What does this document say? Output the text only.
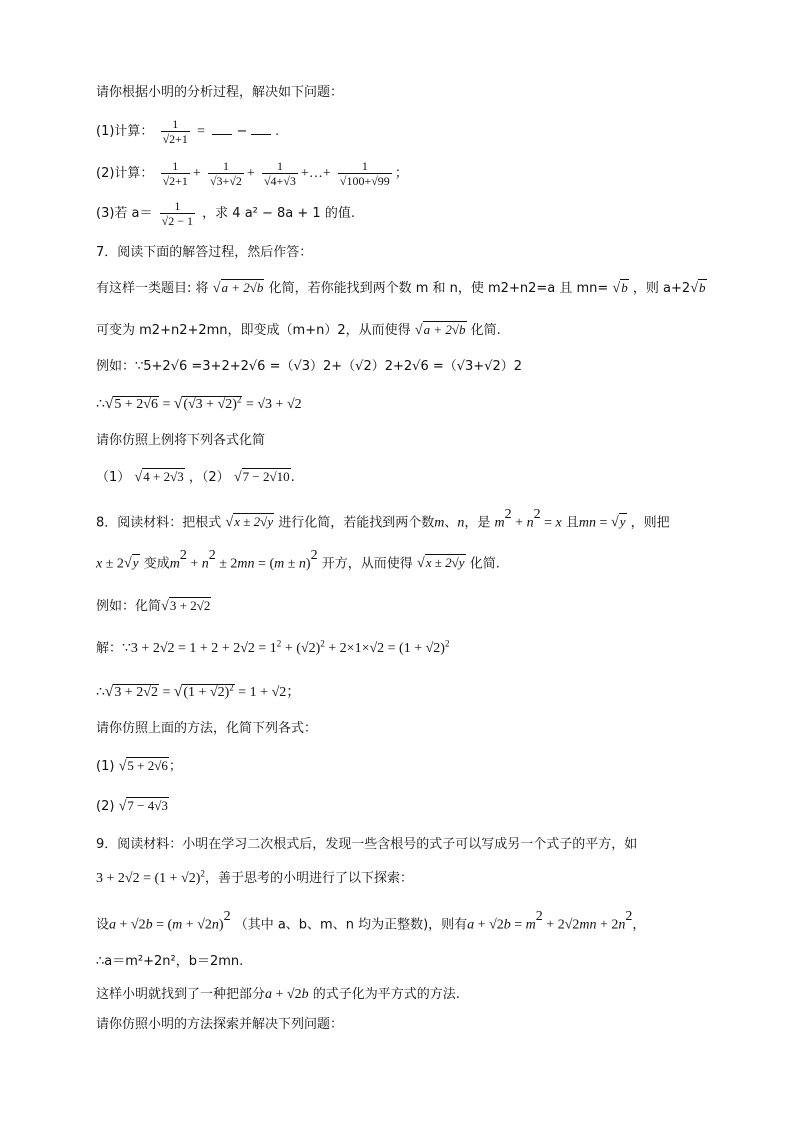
请你根据小明的分析过程，解决如下问题：
(1)计算： $\frac{1}{√2+1}$ = − .
(2)计算： $\frac{1}{√2+1} + \frac{1}{√3+√2} + \frac{1}{√4+√3}$ +…+ $\frac{1}{√100+√99}$ ；
(3)若 $a= \frac{1}{√2 - 1}$ ，求 4 a² − 8a + 1 的值.
7．阅读下面的解答过程，然后作答：
有这样一类题目: 将 √a + 2√b 化简，若你能找到两个数 m 和 n，使 m2+n2=a 且 mn= √b ，则 a+2√b
可变为 m2+n2+2mn，即变成（m+n）2，从而使得 √a + 2√b 化简.
例如：∵5+2√6 =3+2+2√6 =（√3）2+（√2）2+2√6 =（√3+√2）2
∴√5 + $2√6 = √(√3 + √2)^2 = √3 + √2$
请你仿照上例将下列各式化简
（1） √4 + 2√3 ，（2） √7 − 2√10.
8．阅读材料：把根式 √x ± 2√y 进行化简，若能找到两个数m、n，是 $m^2 + n^2 = x$ 且mn = √y ，则把
x ± 2√y 变成$m^2 + n^2 \pm 2mn = (m \pm n)^2$ 开方，从而使得 √x ± 2√y 化简.
例如：化简√3 + 2√2
解：∵3 + $2√2 = 1 + 2 + 2√2 = 1^2 + (√2)^2 + 2\times 1\times√2 = (1 + √2)^2$
∴√3 + $2√2 = √(1 + √2)^2 = 1 + √2$；
请你仿照上面的方法，化简下列各式：
(1) √5 + 2√6；
(2) √7 − 4√3
9．阅读材料：小明在学习二次根式后，发现一些含根号的式子可以写成另一个式子的平方，如
$3 + 2√2 = (1 + √2)^2$，善于思考的小明进行了以下探索：
设$a + √2b = (m + √2n)^2$ （其中 a、b、m、n 均为正整数)，则有$a + √2b = m^2 + 2√2mn + 2n^2$，
∴a＝m²+2n²，b＝2mn.
这样小明就找到了一种把部分a + √2b 的式子化为平方式的方法.
请你仿照小明的方法探索并解决下列问题：
